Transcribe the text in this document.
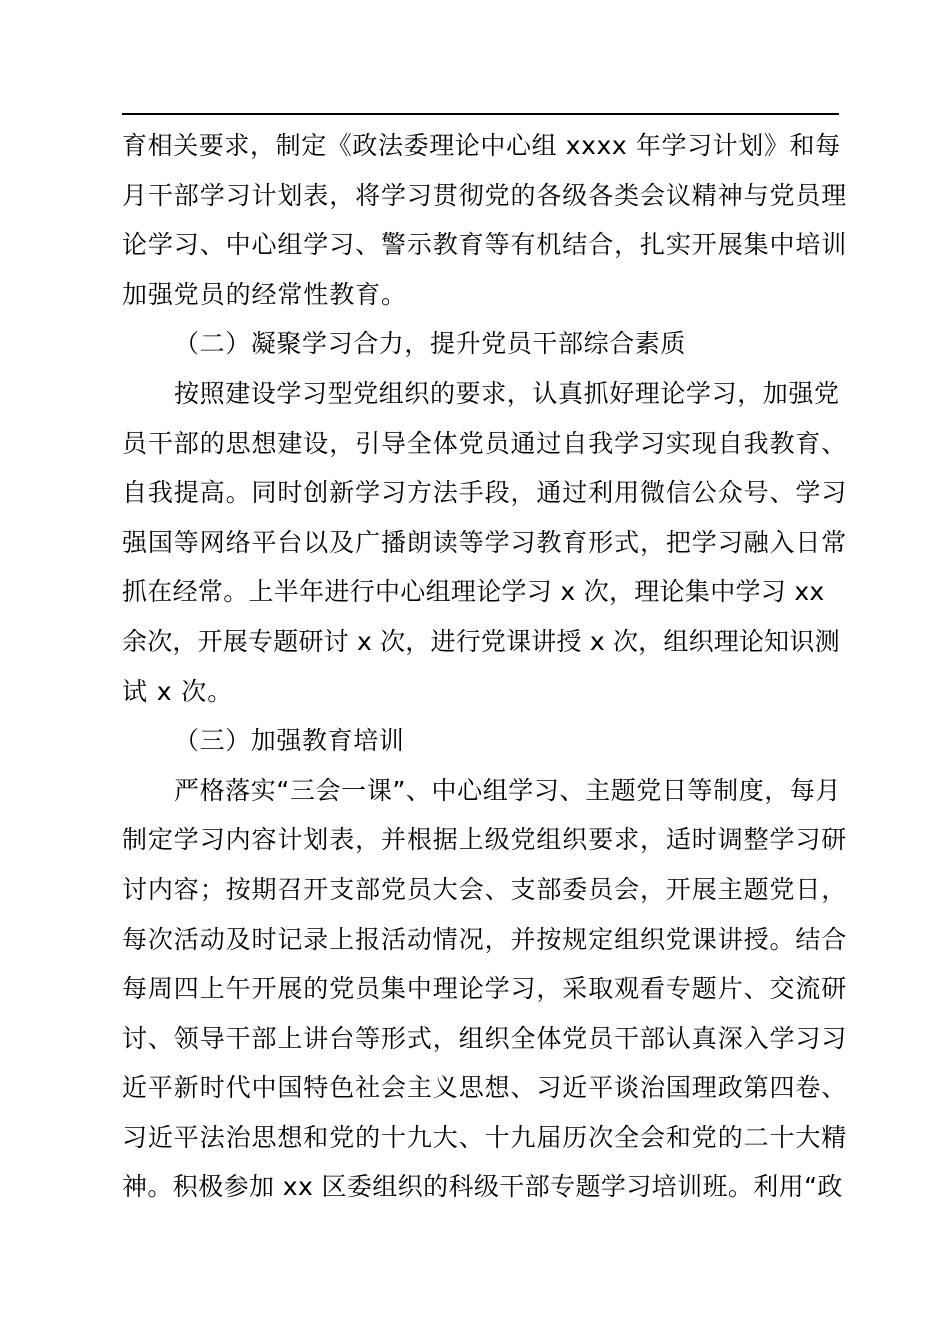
育相关要求，制定《政法委理论中心组 xxxx 年学习计划》和每
月干部学习计划表，将学习贯彻党的各级各类会议精神与党员理
论学习、中心组学习、警示教育等有机结合，扎实开展集中培训
加强党员的经常性教育。
（二）凝聚学习合力，提升党员干部综合素质
按照建设学习型党组织的要求，认真抓好理论学习，加强党
员干部的思想建设，引导全体党员通过自我学习实现自我教育、
自我提高。同时创新学习方法手段，通过利用微信公众号、学习
强国等网络平台以及广播朗读等学习教育形式，把学习融入日常
抓在经常。上半年进行中心组理论学习 x 次，理论集中学习 xx
余次，开展专题研讨 x 次，进行党课讲授 x 次，组织理论知识测
试 x 次。
（三）加强教育培训
严格落实“三会一课”、中心组学习、主题党日等制度，每月
制定学习内容计划表，并根据上级党组织要求，适时调整学习研
讨内容；按期召开支部党员大会、支部委员会，开展主题党日，
每次活动及时记录上报活动情况，并按规定组织党课讲授。结合
每周四上午开展的党员集中理论学习，采取观看专题片、交流研
讨、领导干部上讲台等形式，组织全体党员干部认真深入学习习
近平新时代中国特色社会主义思想、习近平谈治国理政第四卷、
习近平法治思想和党的十九大、十九届历次全会和党的二十大精
神。积极参加 xx 区委组织的科级干部专题学习培训班。利用“政
